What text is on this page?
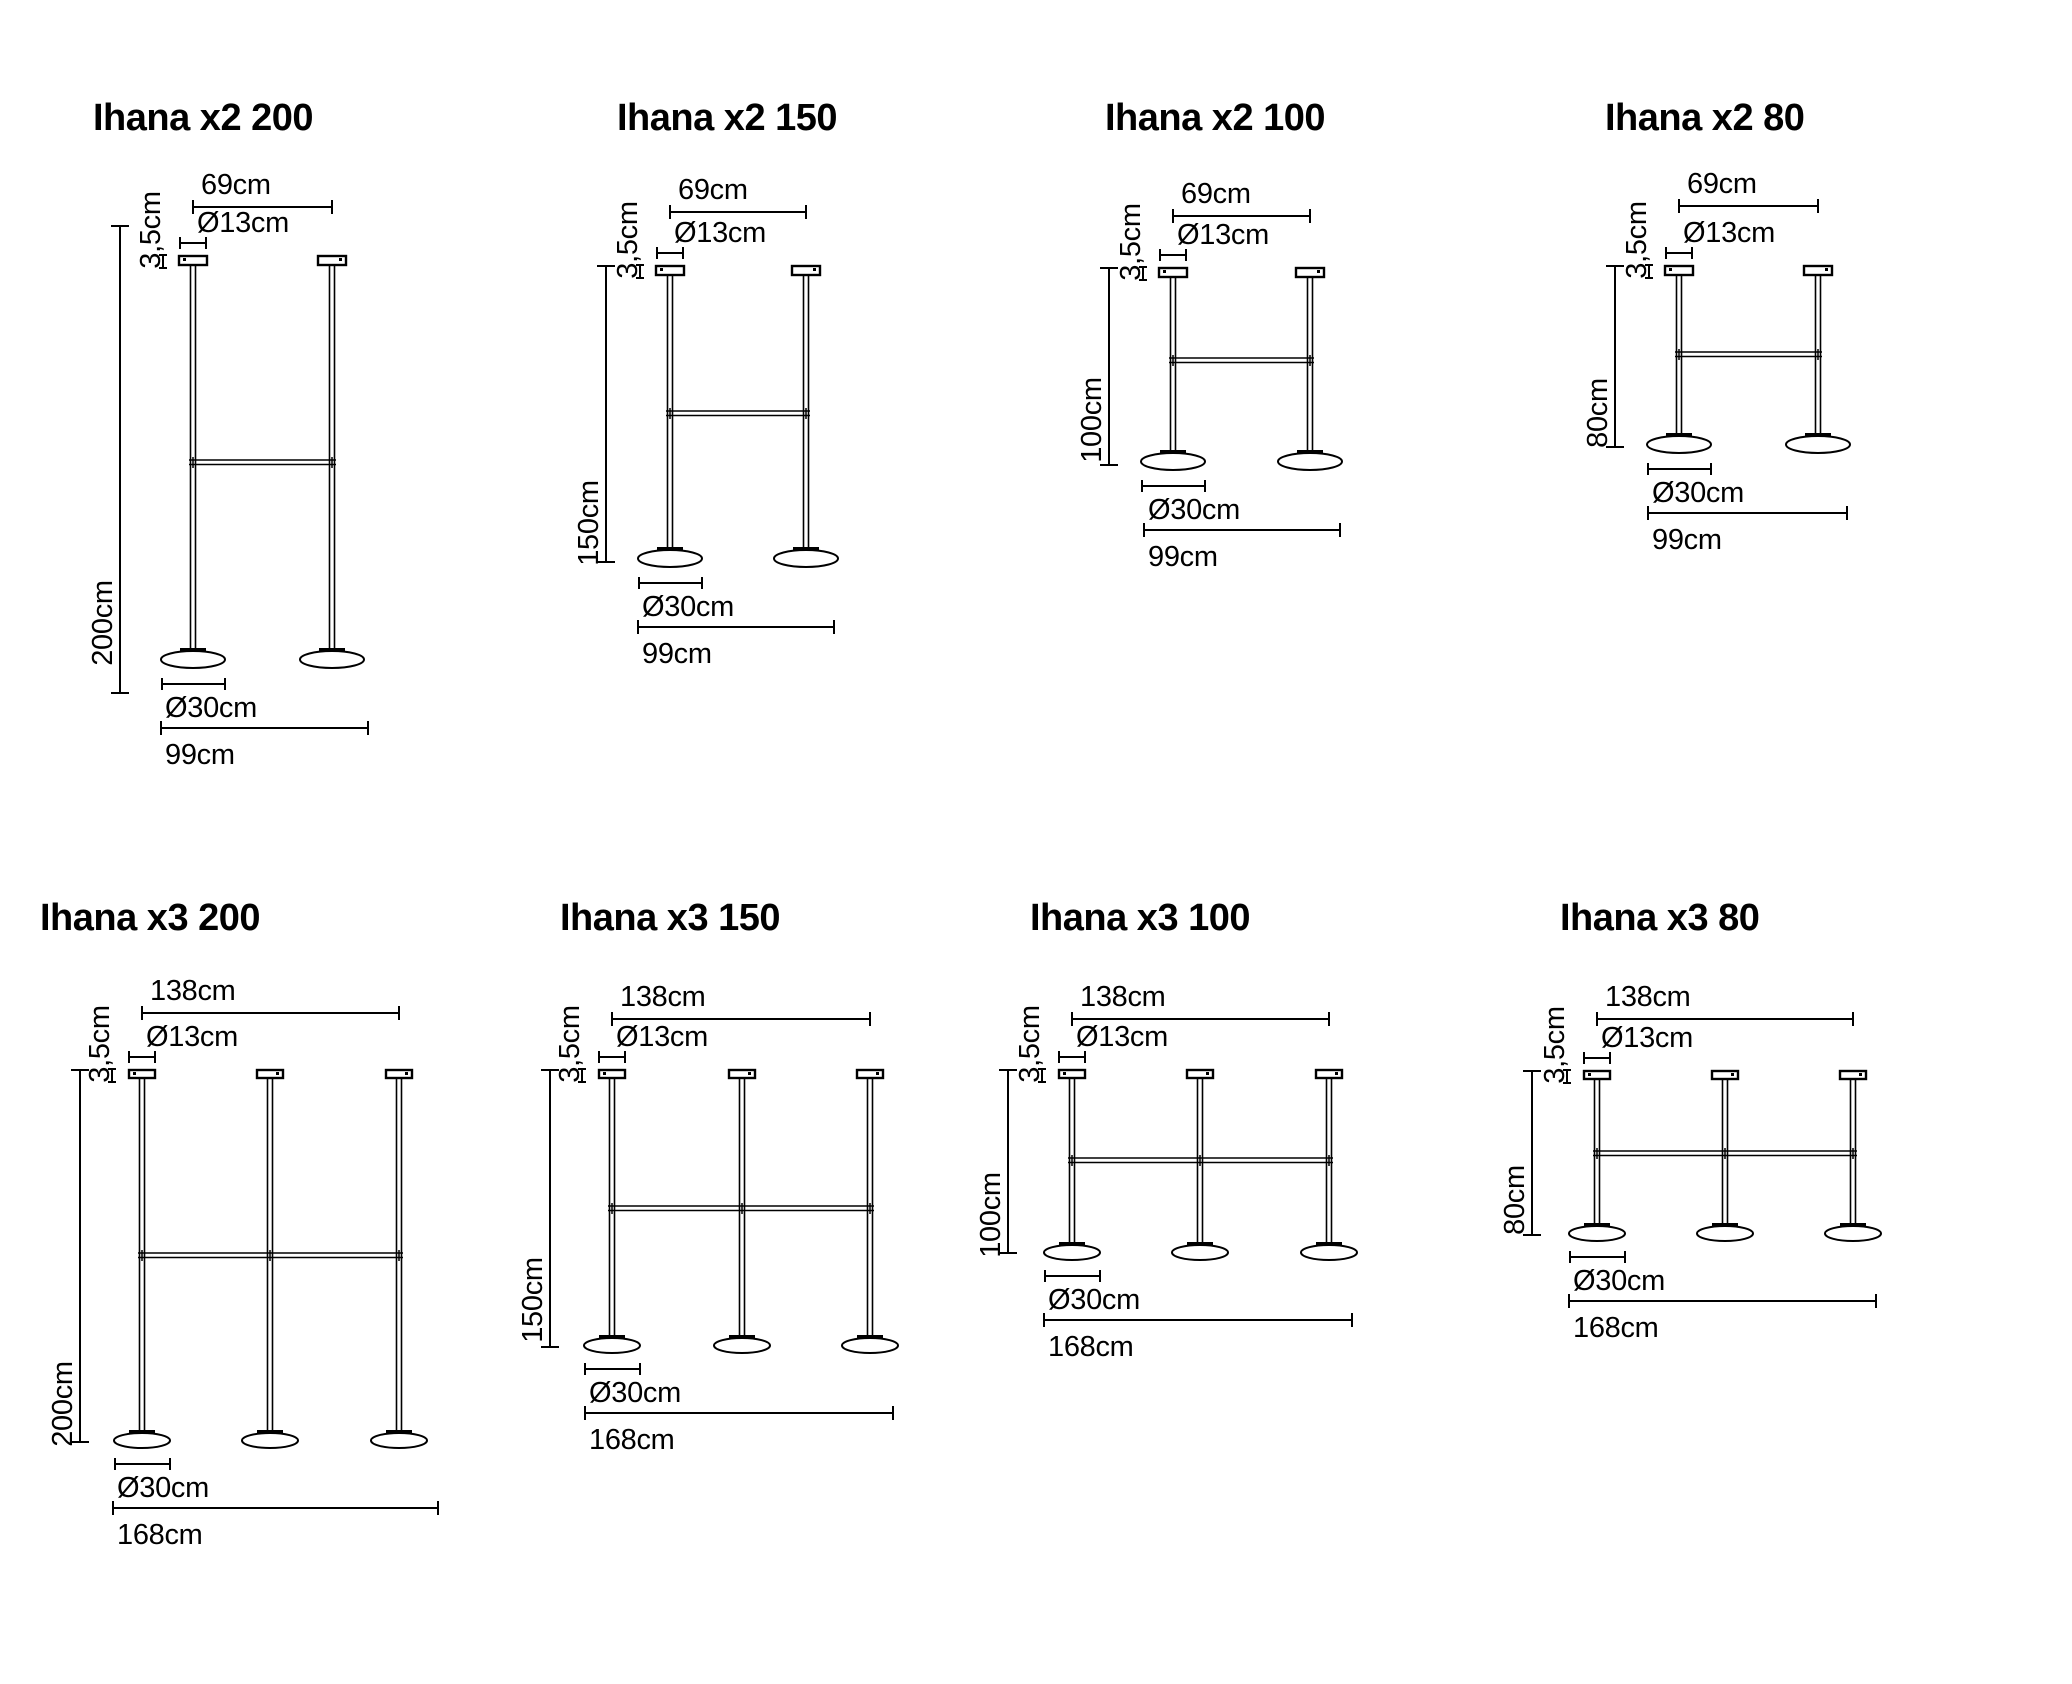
Ihana x2 200
69cm
Ø13cm
3,5cm
200cm
Ø30cm
99cm
Ihana x2 150
69cm
Ø13cm
3,5cm
150cm
Ø30cm
99cm
Ihana x2 100
69cm
Ø13cm
3,5cm
100cm
Ø30cm
99cm
Ihana x2 80
69cm
Ø13cm
3,5cm
80cm
Ø30cm
99cm
Ihana x3 200
138cm
Ø13cm
3,5cm
200cm
Ø30cm
168cm
Ihana x3 150
138cm
Ø13cm
3,5cm
150cm
Ø30cm
168cm
Ihana x3 100
138cm
Ø13cm
3,5cm
100cm
Ø30cm
168cm
Ihana x3 80
138cm
Ø13cm
3,5cm
80cm
Ø30cm
168cm
